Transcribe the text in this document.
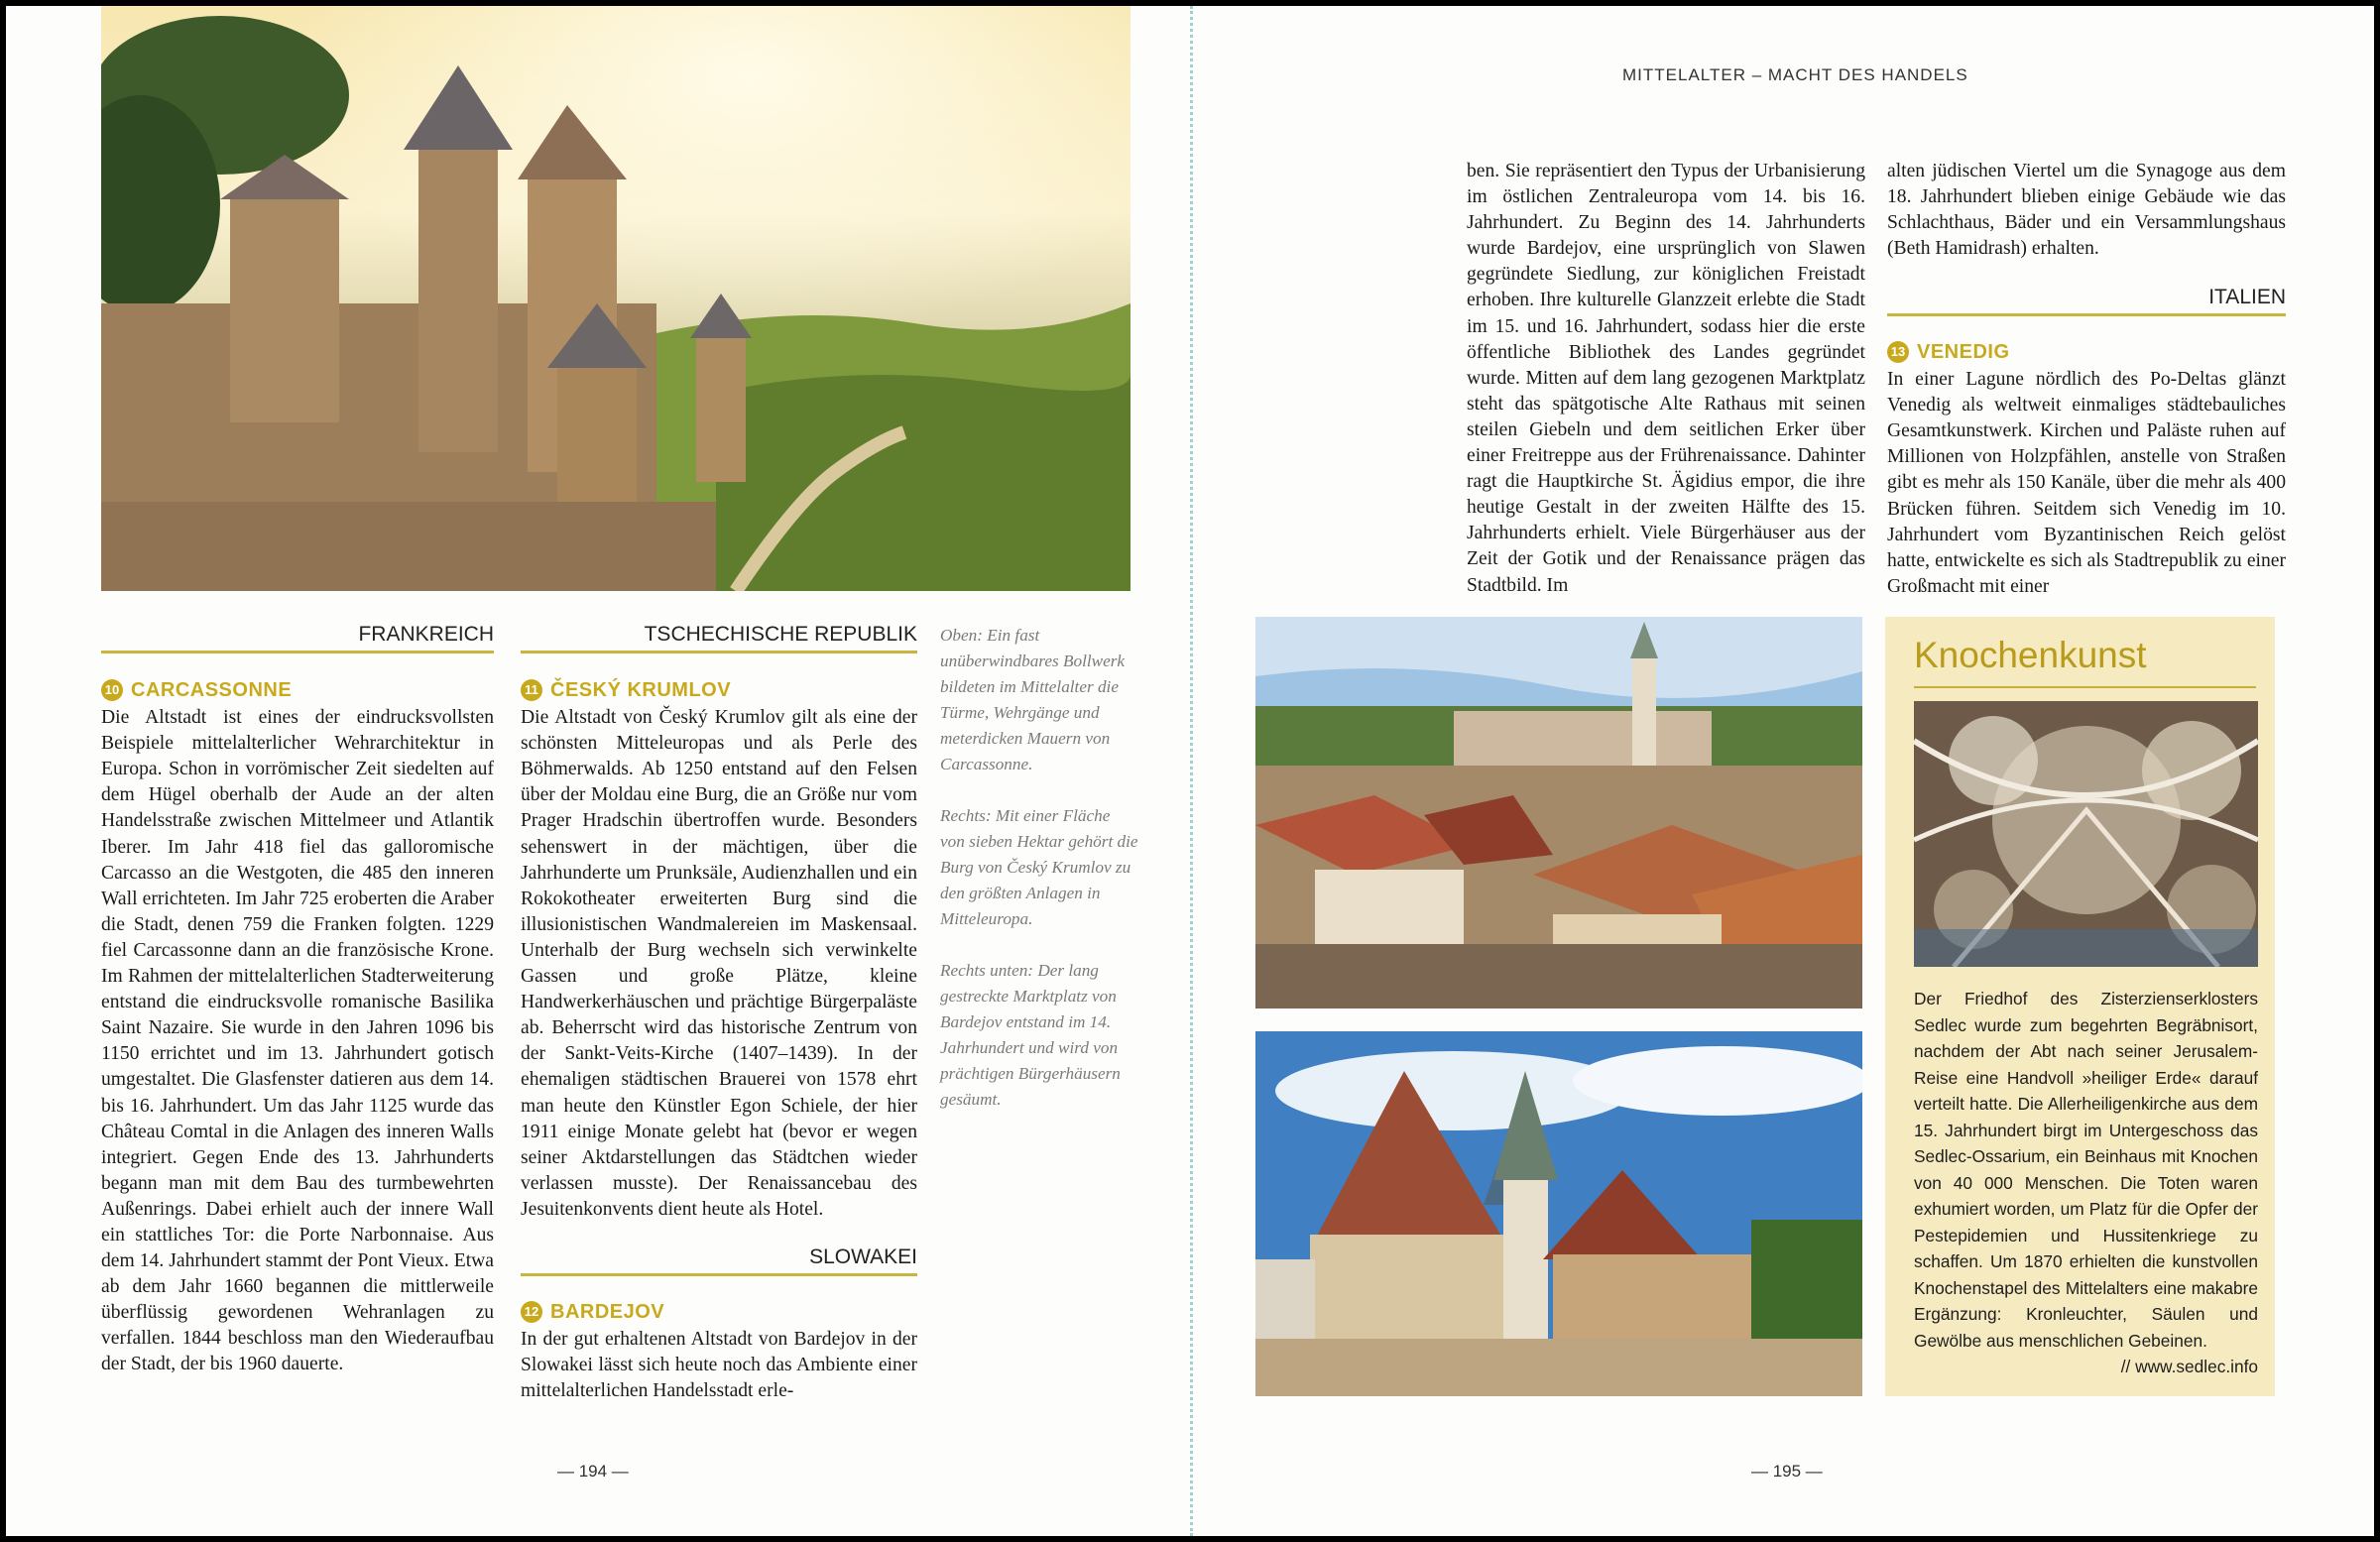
FRANKREICH	TSCHECHISCHE REPUBLIK
10 CARCASSONNE

Die Altstadt ist eines der eindrucksvollsten Beispiele mittelalterlicher Wehrarchitektur in Europa. Schon in vorrömischer Zeit siedelten auf dem Hügel oberhalb der Aude an der alten Handelsstraße zwischen Mittelmeer und Atlantik Iberer. Im Jahr 418 fiel das galloromische Carcasso an die Westgoten, die 485 den inneren Wall errichteten. Im Jahr 725 eroberten die Araber die Stadt, denen 759 die Franken folgten. 1229 fiel Carcassonne dann an die französische Krone. Im Rahmen der mittelalterlichen Stadterweiterung entstand die eindrucksvolle romanische Basilika Saint Nazaire. Sie wurde in den Jahren 1096 bis 1150 errichtet und im 13. Jahrhundert gotisch umgestaltet. Die Glasfenster datieren aus dem 14. bis 16. Jahrhundert. Um das Jahr 1125 wurde das Château Comtal in die Anlagen des inneren Walls integriert. Gegen Ende des 13. Jahrhunderts begann man mit dem Bau des turmbewehrten Außenrings. Dabei erhielt auch der innere Wall ein stattliches Tor: die Porte Narbonnaise. Aus dem 14. Jahrhundert stammt der Pont Vieux. Etwa ab dem Jahr 1660 begannen die mittlerweile überflüssig gewordenen Wehranlagen zu verfallen. 1844 beschloss man den Wiederaufbau der Stadt, der bis 1960 dauerte.

11 ČESKÝ KRUMLOV

Die Altstadt von Český Krumlov gilt als eine der schönsten Mitteleuropas und als Perle des Böhmerwalds. Ab 1250 entstand auf den Felsen über der Moldau eine Burg, die an Größe nur vom Prager Hradschin übertroffen wurde. Besonders sehenswert in der mächtigen, über die Jahrhunderte um Prunksäle, Audienzhallen und ein Rokokotheater erweiterten Burg sind die illusionistischen Wandmalereien im Maskensaal. Unterhalb der Burg wechseln sich verwinkelte Gassen und große Plätze, kleine Handwerkerhäuschen und prächtige Bürgerpaläste ab. Beherrscht wird das historische Zentrum von der Sankt-Veits-Kirche (1407–1439). In der ehemaligen städtischen Brauerei von 1578 ehrt man heute den Künstler Egon Schiele, der hier 1911 einige Monate gelebt hat (bevor er wegen seiner Aktdarstellungen das Städtchen wieder verlassen musste). Der Renaissancebau des Jesuitenkonvents dient heute als Hotel.

SLOWAKEI
12 BARDEJOV

In der gut erhaltenen Altstadt von Bardejov in der Slowakei lässt sich heute noch das Ambiente einer mittelalterlichen Handelsstadt erle-

Oben: Ein fast unüberwindbares Bollwerk bildeten im Mittelalter die Türme, Wehrgänge und meterdicken Mauern von Carcassonne.

Rechts: Mit einer Fläche von sieben Hektar gehört die Burg von Český Krumlov zu den größten Anlagen in Mitteleuropa.

Rechts unten: Der lang gestreckte Marktplatz von Bardejov entstand im 14. Jahrhundert und wird von prächtigen Bürgerhäusern gesäumt.

— 194 —
MITTELALTER – MACHT DES HANDELS

ben. Sie repräsentiert den Typus der Urbanisierung im östlichen Zentraleuropa vom 14. bis 16. Jahrhundert. Zu Beginn des 14. Jahrhunderts wurde Bardejov, eine ursprünglich von Slawen gegründete Siedlung, zur königlichen Freistadt erhoben. Ihre kulturelle Glanzzeit erlebte die Stadt im 15. und 16. Jahrhundert, sodass hier die erste öffentliche Bibliothek des Landes gegründet wurde. Mitten auf dem lang gezogenen Marktplatz steht das spätgotische Alte Rathaus mit seinen steilen Giebeln und dem seitlichen Erker über einer Freitreppe aus der Frührenaissance. Dahinter ragt die Hauptkirche St. Ägidius empor, die ihre heutige Gestalt in der zweiten Hälfte des 15. Jahrhunderts erhielt. Viele Bürgerhäuser aus der Zeit der Gotik und der Renaissance prägen das Stadtbild. Im

alten jüdischen Viertel um die Synagoge aus dem 18. Jahrhundert blieben einige Gebäude wie das Schlachthaus, Bäder und ein Versammlungshaus (Beth Hamidrash) erhalten.

ITALIEN
13 VENEDIG

In einer Lagune nördlich des Po-Deltas glänzt Venedig als weltweit einmaliges städtebauliches Gesamtkunstwerk. Kirchen und Paläste ruhen auf Millionen von Holzpfählen, anstelle von Straßen gibt es mehr als 150 Kanäle, über die mehr als 400 Brücken führen. Seitdem sich Venedig im 10. Jahrhundert vom Byzantinischen Reich gelöst hatte, entwickelte es sich als Stadtrepublik zu einer Großmacht mit einer

Knochenkunst

Der Friedhof des Zisterzienserklosters Sedlec wurde zum begehrten Begräbnisort, nachdem der Abt nach seiner Jerusalem-Reise eine Handvoll »heiliger Erde« darauf verteilt hatte. Die Allerheiligenkirche aus dem 15. Jahrhundert birgt im Untergeschoss das Sedlec-Ossarium, ein Beinhaus mit Knochen von 40 000 Menschen. Die Toten waren exhumiert worden, um Platz für die Opfer der Pestepidemien und Hussitenkriege zu schaffen. Um 1870 erhielten die kunstvollen Knochenstapel des Mittelalters eine makabre Ergänzung: Kronleuchter, Säulen und Gewölbe aus menschlichen Gebeinen.

// www.sedlec.info

— 195 —
